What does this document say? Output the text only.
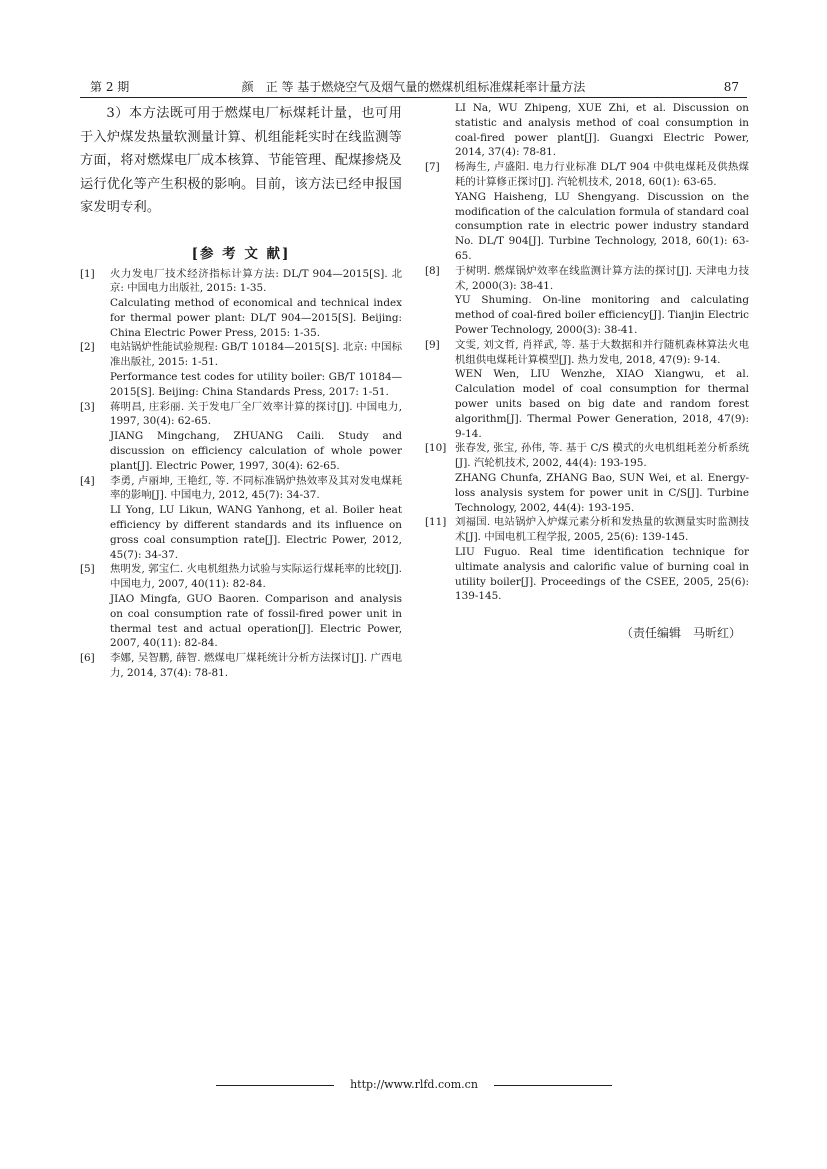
第 2 期	颜　正 等 基于燃烧空气及烟气量的燃煤机组标准煤耗率计量方法	87

3）本方法既可用于燃煤电厂标煤耗计量，也可用于入炉煤发热量软测量计算、机组能耗实时在线监测等方面，将对燃煤电厂成本核算、节能管理、配煤掺烧及运行优化等产生积极的影响。目前，该方法已经申报国家发明专利。

[参 考 文 献]

[1]	火力发电厂技术经济指标计算方法: DL/T 904—2015[S]. 北京: 中国电力出版社, 2015: 1-35.
Calculating method of economical and technical index for thermal power plant: DL/T 904—2015[S]. Beijing: China Electric Power Press, 2015: 1-35.

[2]	电站锅炉性能试验规程: GB/T 10184—2015[S]. 北京: 中国标准出版社, 2015: 1-51.
Performance test codes for utility boiler: GB/T 10184—2015[S]. Beijing: China Standards Press, 2017: 1-51.

[3]	蒋明昌, 庄彩丽. 关于发电厂全厂效率计算的探讨[J]. 中国电力, 1997, 30(4): 62-65.
JIANG Mingchang, ZHUANG Caili. Study and discussion on efficiency calculation of whole power plant[J]. Electric Power, 1997, 30(4): 62-65.

[4]	李勇, 卢丽坤, 王艳红, 等. 不同标准锅炉热效率及其对发电煤耗率的影响[J]. 中国电力, 2012, 45(7): 34-37.
LI Yong, LU Likun, WANG Yanhong, et al. Boiler heat efficiency by different standards and its influence on gross coal consumption rate[J]. Electric Power, 2012, 45(7): 34-37.

[5]	焦明发, 郭宝仁. 火电机组热力试验与实际运行煤耗率的比较[J]. 中国电力, 2007, 40(11): 82-84.
JIAO Mingfa, GUO Baoren. Comparison and analysis on coal consumption rate of fossil-fired power unit in thermal test and actual operation[J]. Electric Power, 2007, 40(11): 82-84.

[6]	李娜, 吴智鹏, 薛智. 燃煤电厂煤耗统计分析方法探讨[J]. 广西电力, 2014, 37(4): 78-81.

LI Na, WU Zhipeng, XUE Zhi, et al. Discussion on statistic and analysis method of coal consumption in coal-fired power plant[J]. Guangxi Electric Power, 2014, 37(4): 78-81.

[7]	杨海生, 卢盛阳. 电力行业标准 DL/T 904 中供电煤耗及供热煤耗的计算修正探讨[J]. 汽轮机技术, 2018, 60(1): 63-65.
YANG Haisheng, LU Shengyang. Discussion on the modification of the calculation formula of standard coal consumption rate in electric power industry standard No. DL/T 904[J]. Turbine Technology, 2018, 60(1): 63-65.

[8]	于树明. 燃煤锅炉效率在线监测计算方法的探讨[J]. 天津电力技术, 2000(3): 38-41.
YU Shuming. On-line monitoring and calculating method of coal-fired boiler efficiency[J]. Tianjin Electric Power Technology, 2000(3): 38-41.

[9]	文雯, 刘文哲, 肖祥武, 等. 基于大数据和并行随机森林算法火电机组供电煤耗计算模型[J]. 热力发电, 2018, 47(9): 9-14.
WEN Wen, LIU Wenzhe, XIAO Xiangwu, et al. Calculation model of coal consumption for thermal power units based on big date and random forest algorithm[J]. Thermal Power Generation, 2018, 47(9): 9-14.

[10] 张春发, 张宝, 孙伟, 等. 基于 C/S 模式的火电机组耗差分析系统[J]. 汽轮机技术, 2002, 44(4): 193-195.
ZHANG Chunfa, ZHANG Bao, SUN Wei, et al. Energy-loss analysis system for power unit in C/S[J]. Turbine Technology, 2002, 44(4): 193-195.

[11] 刘福国. 电站锅炉入炉煤元素分析和发热量的软测量实时监测技术[J]. 中国电机工程学报, 2005, 25(6): 139-145.
LIU Fuguo. Real time identification technique for ultimate analysis and calorific value of burning coal in utility boiler[J]. Proceedings of the CSEE, 2005, 25(6): 139-145.

（责任编辑　马昕红）
http://www.rlfd.com.cn
